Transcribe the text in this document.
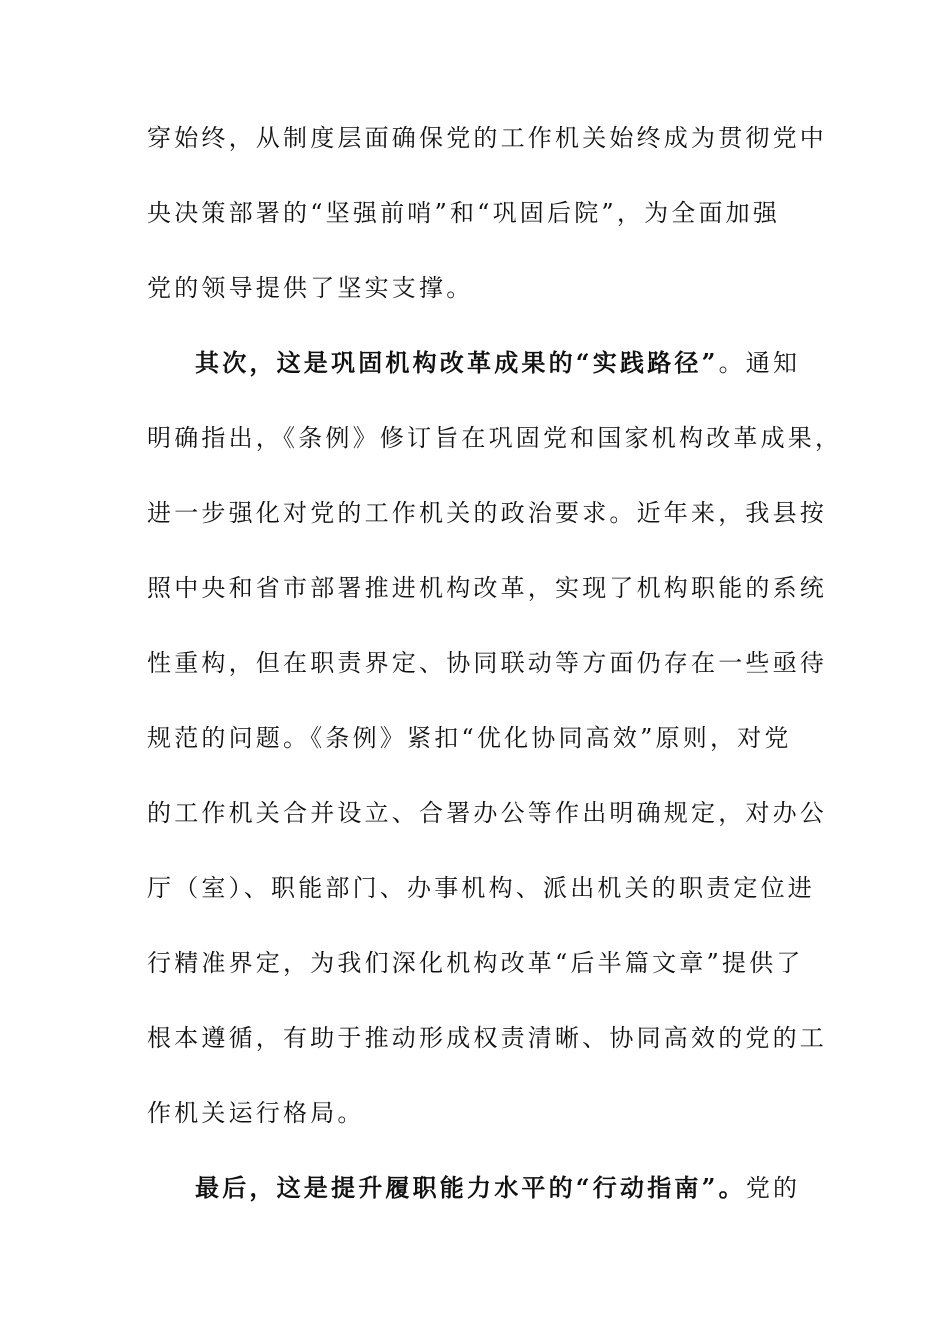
穿始终，从制度层面确保党的工作机关始终成为贯彻党中
央决策部署的“坚强前哨”和“巩固后院”，为全面加强
党的领导提供了坚实支撑。
其次，这是巩固机构改革成果的“实践路径”。通知
明确指出，《条例》修订旨在巩固党和国家机构改革成果，
进一步强化对党的工作机关的政治要求。近年来，我县按
照中央和省市部署推进机构改革，实现了机构职能的系统
性重构，但在职责界定、协同联动等方面仍存在一些亟待
规范的问题。《条例》紧扣“优化协同高效”原则，对党
的工作机关合并设立、合署办公等作出明确规定，对办公
厅（室）、职能部门、办事机构、派出机关的职责定位进
行精准界定，为我们深化机构改革“后半篇文章”提供了
根本遵循，有助于推动形成权责清晰、协同高效的党的工
作机关运行格局。
最后，这是提升履职能力水平的“行动指南”。党的
